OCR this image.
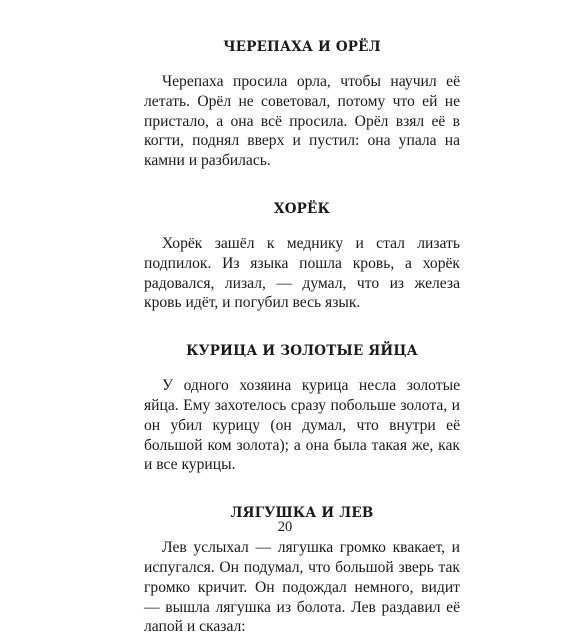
ЧЕРЕПАХА И ОРЁЛ

Черепаха просила орла, чтобы научил её летать. Орёл не советовал, потому что ей не пристало, а она всё просила. Орёл взял её в когти, поднял вверх и пустил: она упала на камни и разбилась.

ХОРЁК

Хорёк зашёл к меднику и стал лизать подпилок. Из языка пошла кровь, а хорёк радовался, лизал, — думал, что из железа кровь идёт, и погубил весь язык.

КУРИЦА И ЗОЛОТЫЕ ЯЙЦА

У одного хозяина курица несла золотые яйца. Ему захотелось сразу побольше золота, и он убил курицу (он думал, что внутри её большой ком золота); а она была такая же, как и все курицы.

ЛЯГУШКА И ЛЕВ

Лев услыхал — лягушка громко квакает, и испугался. Он подумал, что большой зверь так громко кричит. Он подождал немного, видит — вышла лягушка из болота. Лев раздавил её лапой и сказал:

20
